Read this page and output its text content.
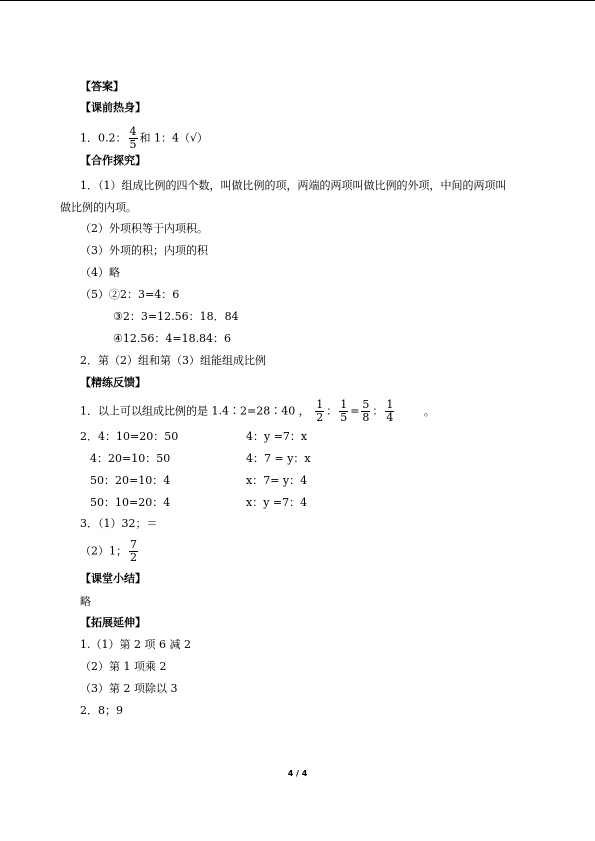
【答案】
【课前热身】
1．0.2： $\frac{4}{5}$ 和 1：4（√）
【合作探究】
1．（1）组成比例的四个数，叫做比例的项，两端的两项叫做比例的外项，中间的两项叫
做比例的内项。
（2）外项积等于内项积。
（3）外项的积；内项的积
（4）略
（5）②2：3=4：6
③2：3=12.56：18．84
④12.56：4=18.84：6
2．第（2）组和第（3）组能组成比例
【精练反馈】
1．以上可以组成比例的是 1.4∶2=28∶40 ， $\frac{1}{2}$ ： $\frac{1}{5} = \frac{5}{8}$ ： $\frac{1}{4}$	。
2．4：10=20：50
4：20=10：50
50：20=10：4
50：10=20：4
4：y =7：x
4：7 = y：x
x：7= y：4
x：y =7：4
3．（1）32；＝
（2）1； $\frac{7}{2}$
【课堂小结】
略
【拓展延伸】
1.（1）第 2 项 6 减 2
（2）第 1 项乘 2
（3）第 2 项除以 3
2．8；9
4 / 4
